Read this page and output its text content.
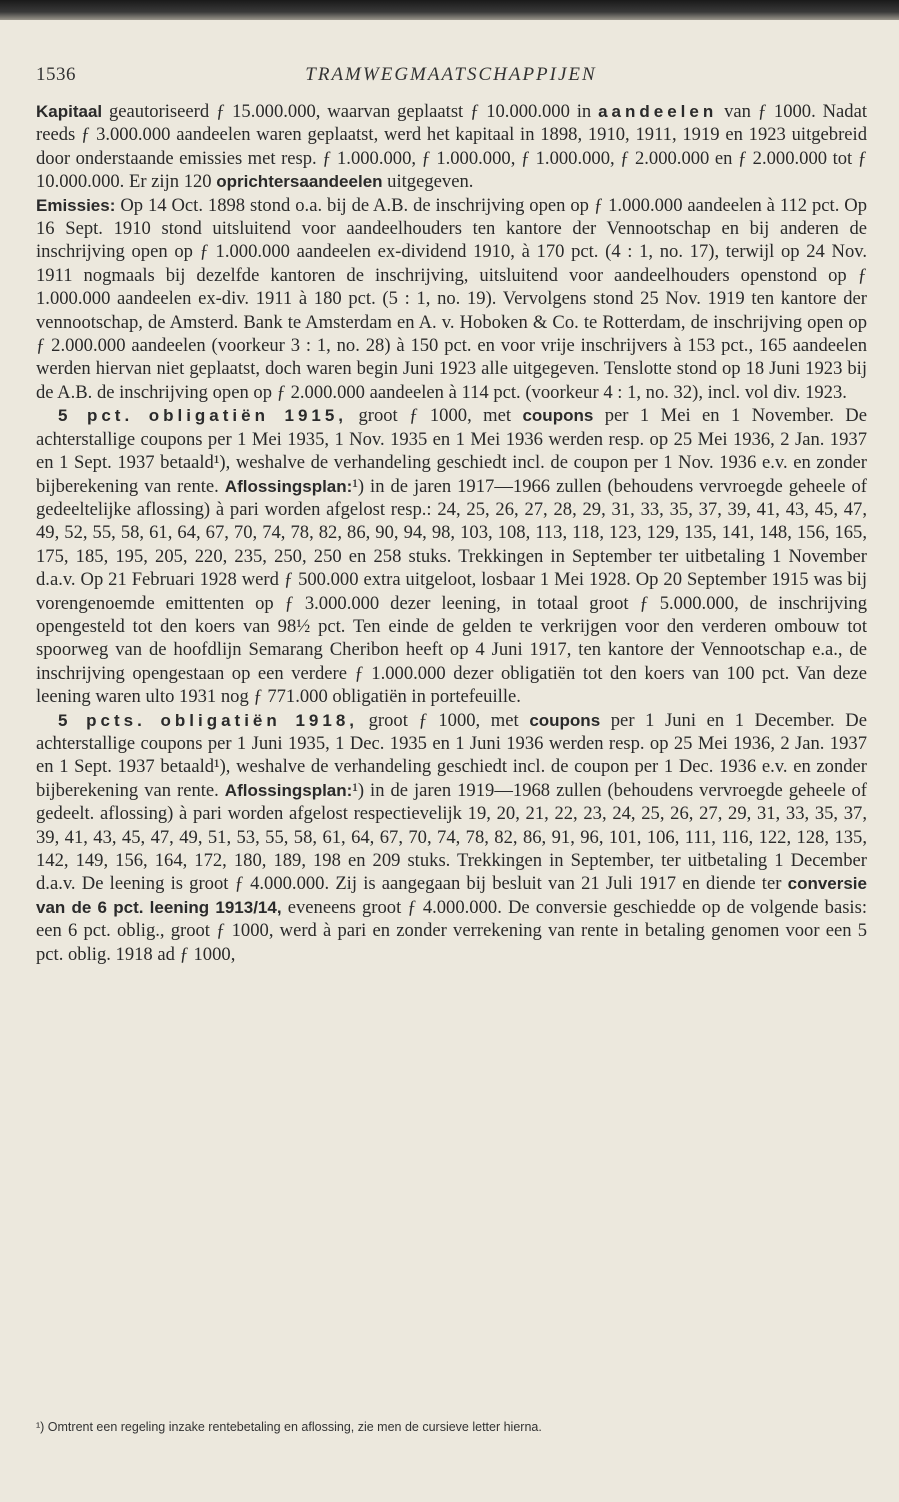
1536	TRAMWEGMAATSCHAPPIJEN

Kapitaal geautoriseerd ƒ 15.000.000, waarvan geplaatst ƒ 10.000.000 in aandeelen van ƒ 1000. Nadat reeds ƒ 3.000.000 aandeelen waren geplaatst, werd het kapitaal in 1898, 1910, 1911, 1919 en 1923 uitgebreid door onderstaande emissies met resp. ƒ 1.000.000, ƒ 1.000.000, ƒ 1.000.000, ƒ 2.000.000 en ƒ 2.000.000 tot ƒ 10.000.000. Er zijn 120 oprichtersaandeelen uitgegeven.

Emissies: Op 14 Oct. 1898 stond o.a. bij de A.B. de inschrijving open op ƒ 1.000.000 aandeelen à 112 pct. Op 16 Sept. 1910 stond uitsluitend voor aandeelhouders ten kantore der Vennootschap en bij anderen de inschrijving open op ƒ 1.000.000 aandeelen ex-dividend 1910, à 170 pct. (4 : 1, no. 17), terwijl op 24 Nov. 1911 nogmaals bij dezelfde kantoren de inschrijving, uitsluitend voor aandeelhouders openstond op ƒ 1.000.000 aandeelen ex-div. 1911 à 180 pct. (5 : 1, no. 19). Vervolgens stond 25 Nov. 1919 ten kantore der vennootschap, de Amsterd. Bank te Amsterdam en A. v. Hoboken & Co. te Rotterdam, de inschrijving open op ƒ 2.000.000 aandeelen (voorkeur 3 : 1, no. 28) à 150 pct. en voor vrije inschrijvers à 153 pct., 165 aandeelen werden hiervan niet geplaatst, doch waren begin Juni 1923 alle uitgegeven. Tenslotte stond op 18 Juni 1923 bij de A.B. de inschrijving open op ƒ 2.000.000 aandeelen à 114 pct. (voorkeur 4 : 1, no. 32), incl. vol div. 1923.

5 pct. obligatiën 1915, groot ƒ 1000, met coupons per 1 Mei en 1 November. De achterstallige coupons per 1 Mei 1935, 1 Nov. 1935 en 1 Mei 1936 werden resp. op 25 Mei 1936, 2 Jan. 1937 en 1 Sept. 1937 betaald¹), weshalve de verhandeling geschiedt incl. de coupon per 1 Nov. 1936 e.v. en zonder bijberekening van rente. Aflossingsplan:¹) in de jaren 1917—1966 zullen (behoudens vervroegde geheele of gedeeltelijke aflossing) à pari worden afgelost resp.: 24, 25, 26, 27, 28, 29, 31, 33, 35, 37, 39, 41, 43, 45, 47, 49, 52, 55, 58, 61, 64, 67, 70, 74, 78, 82, 86, 90, 94, 98, 103, 108, 113, 118, 123, 129, 135, 141, 148, 156, 165, 175, 185, 195, 205, 220, 235, 250, 250 en 258 stuks. Trekkingen in September ter uitbetaling 1 November d.a.v. Op 21 Februari 1928 werd ƒ 500.000 extra uitgeloot, losbaar 1 Mei 1928. Op 20 September 1915 was bij vorengenoemde emittenten op ƒ 3.000.000 dezer leening, in totaal groot ƒ 5.000.000, de inschrijving opengesteld tot den koers van 98½ pct. Ten einde de gelden te verkrijgen voor den verderen ombouw tot spoorweg van de hoofdlijn Semarang Cheribon heeft op 4 Juni 1917, ten kantore der Vennootschap e.a., de inschrijving opengestaan op een verdere ƒ 1.000.000 dezer obligatiën tot den koers van 100 pct. Van deze leening waren ulto 1931 nog ƒ 771.000 obligatiën in portefeuille.

5 pcts. obligatiën 1918, groot ƒ 1000, met coupons per 1 Juni en 1 December. De achterstallige coupons per 1 Juni 1935, 1 Dec. 1935 en 1 Juni 1936 werden resp. op 25 Mei 1936, 2 Jan. 1937 en 1 Sept. 1937 betaald¹), weshalve de verhandeling geschiedt incl. de coupon per 1 Dec. 1936 e.v. en zonder bijberekening van rente. Aflossingsplan:¹) in de jaren 1919—1968 zullen (behoudens vervroegde geheele of gedeelt. aflossing) à pari worden afgelost respectievelijk 19, 20, 21, 22, 23, 24, 25, 26, 27, 29, 31, 33, 35, 37, 39, 41, 43, 45, 47, 49, 51, 53, 55, 58, 61, 64, 67, 70, 74, 78, 82, 86, 91, 96, 101, 106, 111, 116, 122, 128, 135, 142, 149, 156, 164, 172, 180, 189, 198 en 209 stuks. Trekkingen in September, ter uitbetaling 1 December d.a.v. De leening is groot ƒ 4.000.000. Zij is aangegaan bij besluit van 21 Juli 1917 en diende ter conversie van de 6 pct. leening 1913/14, eveneens groot ƒ 4.000.000. De conversie geschiedde op de volgende basis: een 6 pct. oblig., groot ƒ 1000, werd à pari en zonder verrekening van rente in betaling genomen voor een 5 pct. oblig. 1918 ad ƒ 1000,

¹) Omtrent een regeling inzake rentebetaling en aflossing, zie men de cursieve letter hierna.
